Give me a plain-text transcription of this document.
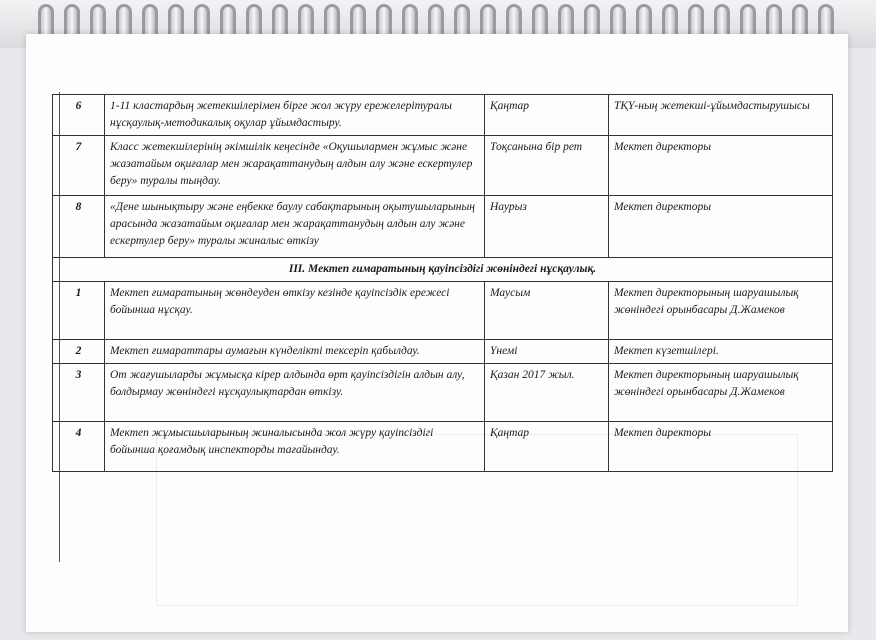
6	1-11 кластардың жетекшілерімен бірге жол жүру ережелерітуралы нұсқаулық-методикалық оқулар ұйымдастыру.	Қаңтар	ТҚҮ-ның жетекші-ұйымдастырушысы
7	Класс жетекшілерінің әкімшілік кеңесінде «Оқушылармен жұмыс және жазатайым оқиғалар мен жарақаттанудың алдын алу және ескертулер беру» туралы тыңдау.	Тоқсанына бір рет	Мектеп директоры
8	«Дене шынықтыру және еңбекке баулу сабақтарының оқытушыларының арасында жазатайым оқиғалар мен жарақаттанудың алдын алу және ескертулер беру» туралы жиналыс өткізу	Наурыз	Мектеп директоры
III. Мектеп ғимаратының қауіпсіздігі жөніндегі нұсқаулық.			
1	Мектеп ғимаратының жөндеуден өткізу кезінде қауіпсіздік ережесі бойынша нұсқау.	Маусым	Мектеп директорының шаруашылық жөніндегі орынбасары Д.Жамеков
2	Мектеп ғимараттары аумағын күнделікті тексеріп қабылдау.	Үнемі	Мектеп күзетшілері.
3	От жағушыларды жұмысқа кірер алдында өрт қауіпсіздігін алдын алу, болдырмау жөніндегі нұсқаулықтардан өткізу.	Қазан 2017 жыл.	Мектеп директорының шаруашылық жөніндегі орынбасары Д.Жамеков
4	Мектеп жұмысшыларының жиналысында жол жүру қауіпсіздігі бойынша қоғамдық инспекторды тағайындау.	Қаңтар	Мектеп директоры
